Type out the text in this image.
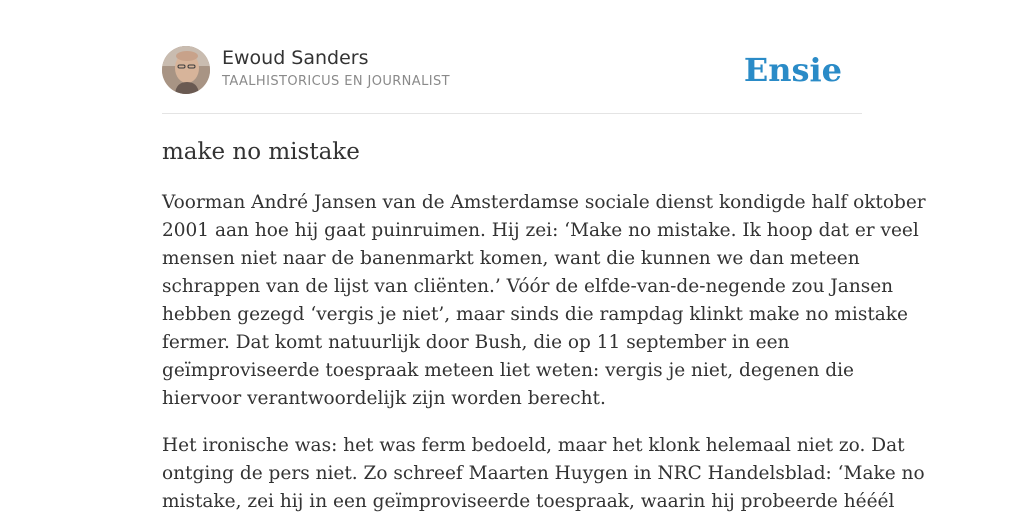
Ewoud Sanders
TAALHISTORICUS EN JOURNALIST	Ensie
make no mistake

Voorman André Jansen van de Amsterdamse sociale dienst kondigde half oktober
2001 aan hoe hij gaat puinruimen. Hij zei: ‘Make no mistake. Ik hoop dat er veel
mensen niet naar de banenmarkt komen, want die kunnen we dan meteen
schrappen van de lijst van cliënten.’ Vóór de elfde-van-de-negende zou Jansen
hebben gezegd ‘vergis je niet’, maar sinds die rampdag klinkt make no mistake
fermer. Dat komt natuurlijk door Bush, die op 11 september in een
geïmproviseerde toespraak meteen liet weten: vergis je niet, degenen die
hiervoor verantwoordelijk zijn worden berecht.

Het ironische was: het was ferm bedoeld, maar het klonk helemaal niet zo. Dat
ontging de pers niet. Zo schreef Maarten Huygen in NRC Handelsblad: ‘Make no
mistake, zei hij in een geïmproviseerde toespraak, waarin hij probeerde hééél
